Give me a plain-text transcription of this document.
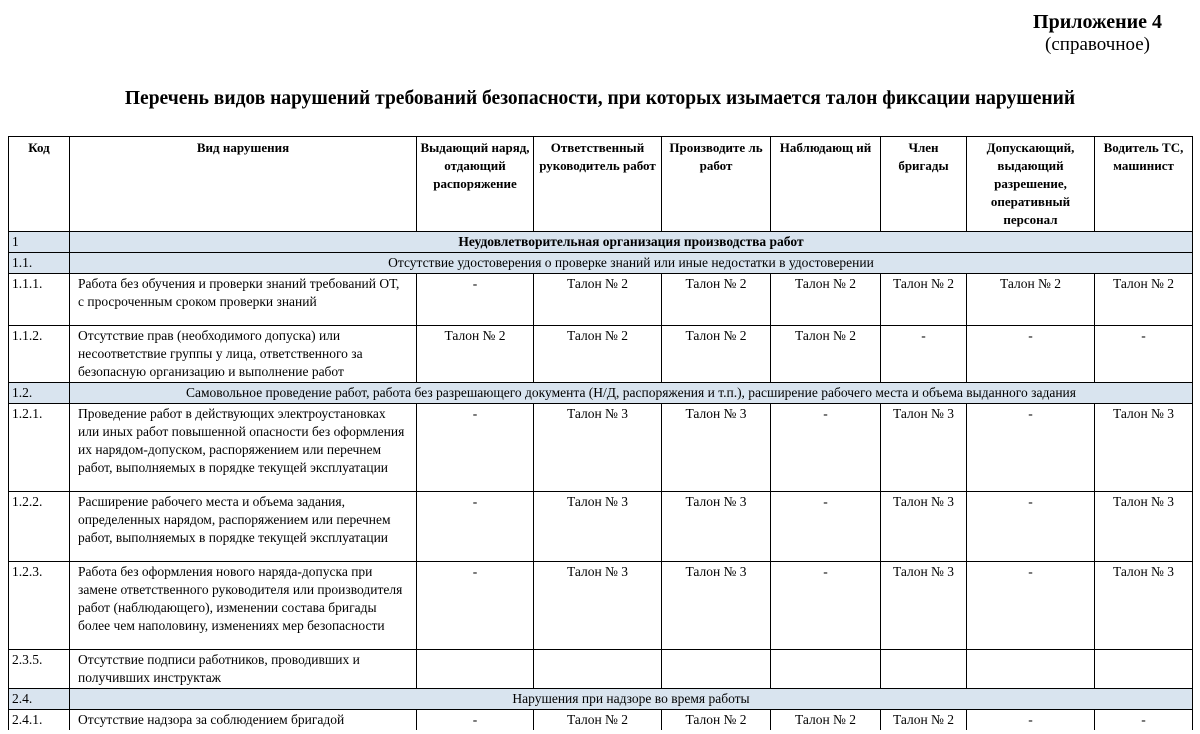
Приложение 4
(справочное)
Перечень видов нарушений требований безопасности, при которых изымается талон фиксации нарушений
Код	Вид нарушения	Выдающий наряд, отдающий распоряжение	Ответственный руководитель работ	Производите ль работ	Наблюдающ ий	Член бригады	Допускающий, выдающий разрешение, оперативный персонал	Водитель ТС, машинист
1	Неудовлетворительная организация производства работ							
1.1.	Отсутствие удостоверения о проверке знаний или иные недостатки в удостоверении							
1.1.1.	Работа без обучения и проверки знаний требований ОТ, с просроченным сроком проверки знаний	-	Талон № 2	Талон № 2	Талон № 2	Талон № 2	Талон № 2	Талон № 2
1.1.2.	Отсутствие прав (необходимого допуска) или несоответствие группы у лица, ответственного за безопасную организацию и выполнение работ	Талон № 2	Талон № 2	Талон № 2	Талон № 2	-	-	-
1.2.	Самовольное проведение работ, работа без разрешающего документа (Н/Д, распоряжения и т.п.), расширение рабочего места и объема выданного задания							
1.2.1.	Проведение работ в действующих электроустановках или иных работ повышенной опасности без оформления их нарядом-допуском, распоряжением или перечнем работ, выполняемых в порядке текущей эксплуатации	-	Талон № 3	Талон № 3	-	Талон № 3	-	Талон № 3
1.2.2.	Расширение рабочего места и объема задания, определенных нарядом, распоряжением или перечнем работ, выполняемых в порядке текущей эксплуатации	-	Талон № 3	Талон № 3	-	Талон № 3	-	Талон № 3
1.2.3.	Работа без оформления нового наряда-допуска при замене ответственного руководителя или производителя работ (наблюдающего), изменении состава бригады более чем наполовину, изменениях мер безопасности	-	Талон № 3	Талон № 3	-	Талон № 3	-	Талон № 3
2.3.5.	Отсутствие подписи работников, проводивших и получивших инструктаж							
2.4.	Нарушения при надзоре во время работы							
2.4.1.	Отсутствие надзора за соблюдением бригадой	-	Талон № 2	Талон № 2	Талон № 2	Талон № 2	-	-
